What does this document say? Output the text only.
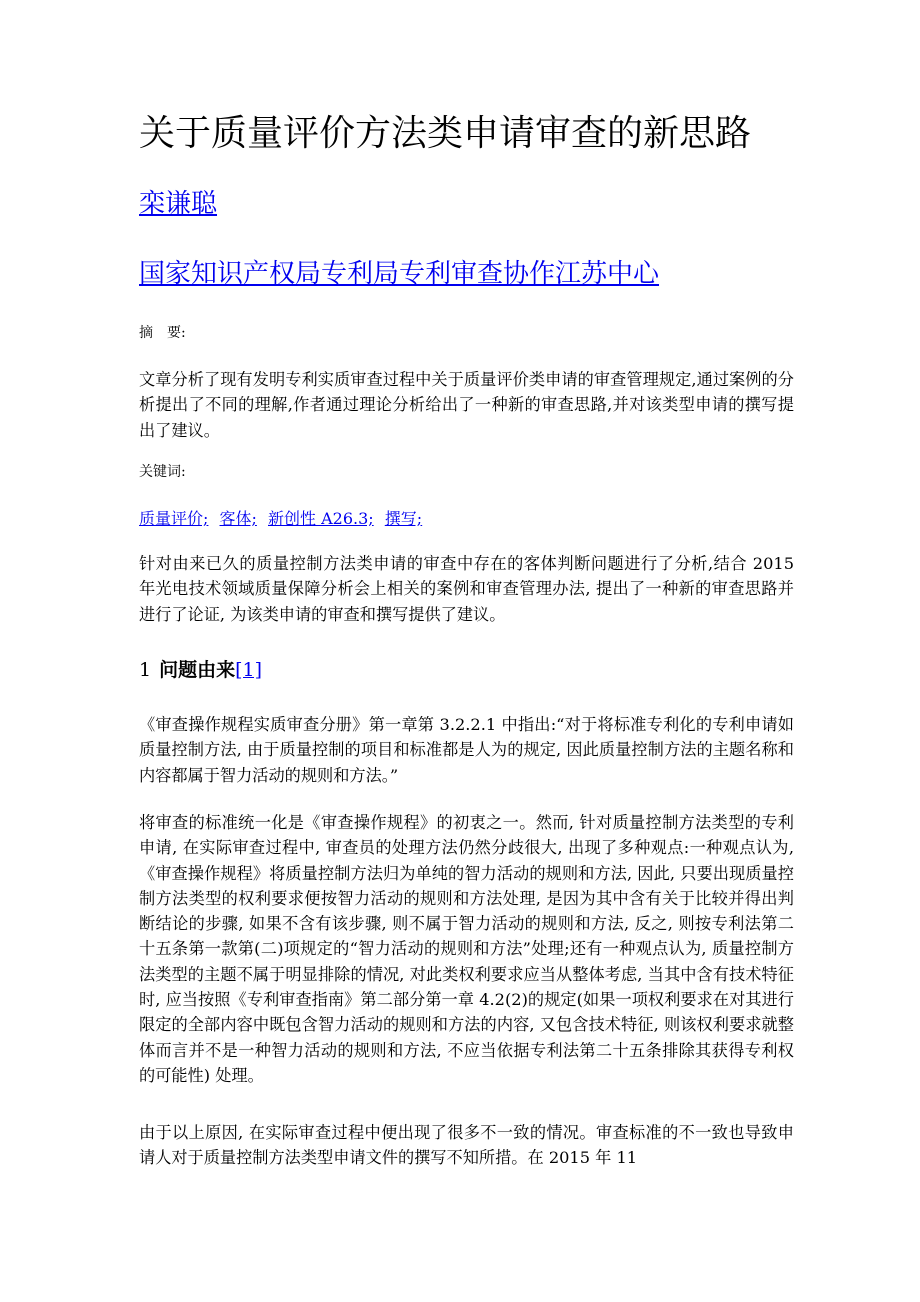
关于质量评价方法类申请审查的新思路
栾谦聪
国家知识产权局专利局专利审查协作江苏中心
摘　要:
文章分析了现有发明专利实质审查过程中关于质量评价类申请的审查管理规定,通过案例的分析提出了不同的理解,作者通过理论分析给出了一种新的审查思路,并对该类型申请的撰写提出了建议。
关键词:
质量评价; 客体; 新创性 A26.3; 撰写;
针对由来已久的质量控制方法类申请的审查中存在的客体判断问题进行了分析,结合 2015 年光电技术领域质量保障分析会上相关的案例和审查管理办法, 提出了一种新的审查思路并进行了论证, 为该类申请的审查和撰写提供了建议。
1 问题由来[1]
《审查操作规程实质审查分册》第一章第 3.2.2.1 中指出:“对于将标准专利化的专利申请如质量控制方法, 由于质量控制的项目和标准都是人为的规定, 因此质量控制方法的主题名称和内容都属于智力活动的规则和方法。”
将审查的标准统一化是《审查操作规程》的初衷之一。然而, 针对质量控制方法类型的专利申请, 在实际审查过程中, 审查员的处理方法仍然分歧很大, 出现了多种观点:一种观点认为, 《审查操作规程》将质量控制方法归为单纯的智力活动的规则和方法, 因此, 只要出现质量控制方法类型的权利要求便按智力活动的规则和方法处理, 是因为其中含有关于比较并得出判断结论的步骤, 如果不含有该步骤, 则不属于智力活动的规则和方法, 反之, 则按专利法第二十五条第一款第(二)项规定的“智力活动的规则和方法”处理;还有一种观点认为, 质量控制方法类型的主题不属于明显排除的情况, 对此类权利要求应当从整体考虑, 当其中含有技术特征时, 应当按照《专利审查指南》第二部分第一章 4.2(2)的规定(如果一项权利要求在对其进行限定的全部内容中既包含智力活动的规则和方法的内容, 又包含技术特征, 则该权利要求就整体而言并不是一种智力活动的规则和方法, 不应当依据专利法第二十五条排除其获得专利权的可能性) 处理。
由于以上原因, 在实际审查过程中便出现了很多不一致的情况。审查标准的不一致也导致申请人对于质量控制方法类型申请文件的撰写不知所措。在 2015 年 11
